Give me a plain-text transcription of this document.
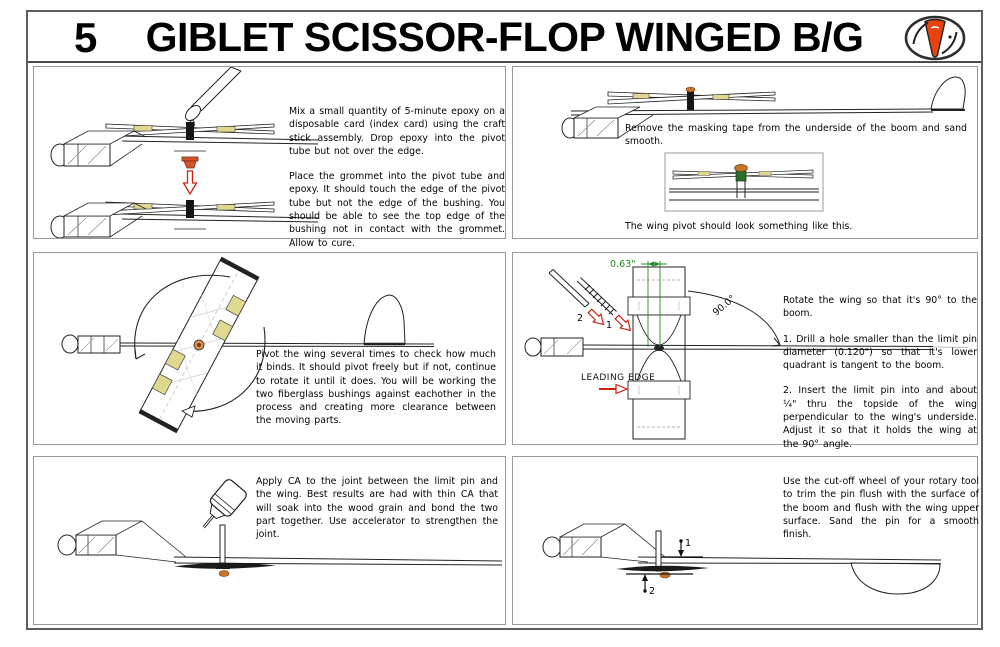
5	GIBLET SCISSOR-FLOP WINGED B/G

Mix a small quantity of 5-minute epoxy on a disposable card (index card) using the craft stick assembly. Drop epoxy into the pivot tube but not over the edge.

Place the grommet into the pivot tube and epoxy. It should touch the edge of the pivot tube but not the edge of the bushing. You should be able to see the top edge of the bushing not in contact with the grommet. Allow to cure.

Remove the masking tape from the underside of the boom and sand smooth.

The wing pivot should look something like this.

Pivot the wing several times to check how much it binds. It should pivot freely but if not, continue to rotate it until it does. You will be working the two fiberglass bushings against eachother in the process and creating more clearance between the moving parts.

0.63"
90.0°
2
1
LEADING EDGE

Rotate the wing so that it's 90° to the boom.

1. Drill a hole smaller than the limit pin diameter (0.120") so that it's lower quadrant is tangent to the boom.

2. Insert the limit pin into and about ¼" thru the topside of the wing perpendicular to the wing's underside. Adjust it so that it holds the wing at the 90° angle.

Apply CA to the joint between the limit pin and the wing. Best results are had with thin CA that will soak into the wood grain and bond the two part together. Use accelerator to strengthen the joint.

1
2

Use the cut-off wheel of your rotary tool to trim the pin flush with the surface of the boom and flush with the wing upper surface. Sand the pin for a smooth finish.
